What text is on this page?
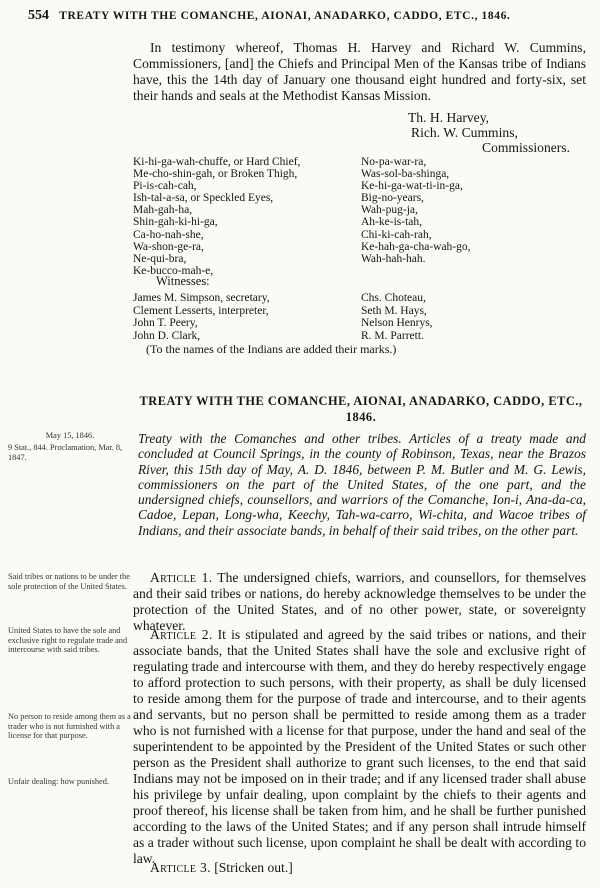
554 TREATY WITH THE COMANCHE, AIONAI, ANADARKO, CADDO, ETC., 1846.

In testimony whereof, Thomas H. Harvey and Richard W. Cummins, Commissioners, [and] the Chiefs and Principal Men of the Kansas tribe of Indians have, this the 14th day of January one thousand eight hundred and forty-six, set their hands and seals at the Methodist Kansas Mission.

Th. H. Harvey,
Rich. W. Cummins,
Commissioners.
Ki-hi-ga-wah-chuffe, or Hard Chief,
Me-cho-shin-gah, or Broken Thigh,
Pi-is-cah-cah,
Ish-tal-a-sa, or Speckled Eyes,
Mah-gah-ha,
Shin-gah-ki-hi-ga,
Ca-ho-nah-she,
Wa-shon-ge-ra,
Ne-qui-bra,
Ke-bucco-mah-e,
No-pa-war-ra,
Was-sol-ba-shinga,
Ke-hi-ga-wat-ti-in-ga,
Big-no-years,
Wah-pug-ja,
Ah-ke-is-tah,
Chi-ki-cah-rah,
Ke-hah-ga-cha-wah-go,
Wah-hah-hah.
Witnesses:
James M. Simpson, secretary,
Clement Lesserts, interpreter,
John T. Peery,
John D. Clark,
Chs. Choteau,
Seth M. Hays,
Nelson Henrys,
R. M. Parrett.
(To the names of the Indians are added their marks.)
TREATY WITH THE COMANCHE, AIONAI, ANADARKO, CADDO, ETC., 1846.
May 15, 1846.
9 Stat., 844. Proclamation, Mar. 8, 1847.

Treaty with the Comanches and other tribes. Articles of a treaty made and concluded at Council Springs, in the county of Robinson, Texas, near the Brazos River, this 15th day of May, A. D. 1846, between P. M. Butler and M. G. Lewis, commissioners on the part of the United States, of the one part, and the undersigned chiefs, counsellors, and warriors of the Comanche, Ion-i, Ana-da-ca, Cadoe, Lepan, Long-wha, Keechy, Tah-wa-carro, Wi-chita, and Wacoe tribes of Indians, and their associate bands, in behalf of their said tribes, on the other part.

Said tribes or nations to be under the sole protection of the United States.

Article 1. The undersigned chiefs, warriors, and counsellors, for themselves and their said tribes or nations, do hereby acknowledge themselves to be under the protection of the United States, and of no other power, state, or sovereignty whatever.

United States to have the sole and exclusive right to regulate trade and intercourse with said tribes.
No person to reside among them as a trader who is not furnished with a license for that purpose.
Unfair dealing: how punished.

Article 2. It is stipulated and agreed by the said tribes or nations, and their associate bands, that the United States shall have the sole and exclusive right of regulating trade and intercourse with them, and they do hereby respectively engage to afford protection to such persons, with their property, as shall be duly licensed to reside among them for the purpose of trade and intercourse, and to their agents and servants, but no person shall be permitted to reside among them as a trader who is not furnished with a license for that purpose, under the hand and seal of the superintendent to be appointed by the President of the United States or such other person as the President shall authorize to grant such licenses, to the end that said Indians may not be imposed on in their trade; and if any licensed trader shall abuse his privilege by unfair dealing, upon complaint by the chiefs to their agents and proof thereof, his license shall be taken from him, and he shall be further punished according to the laws of the United States; and if any person shall intrude himself as a trader without such license, upon complaint he shall be dealt with according to law.

Article 3. [Stricken out.]
